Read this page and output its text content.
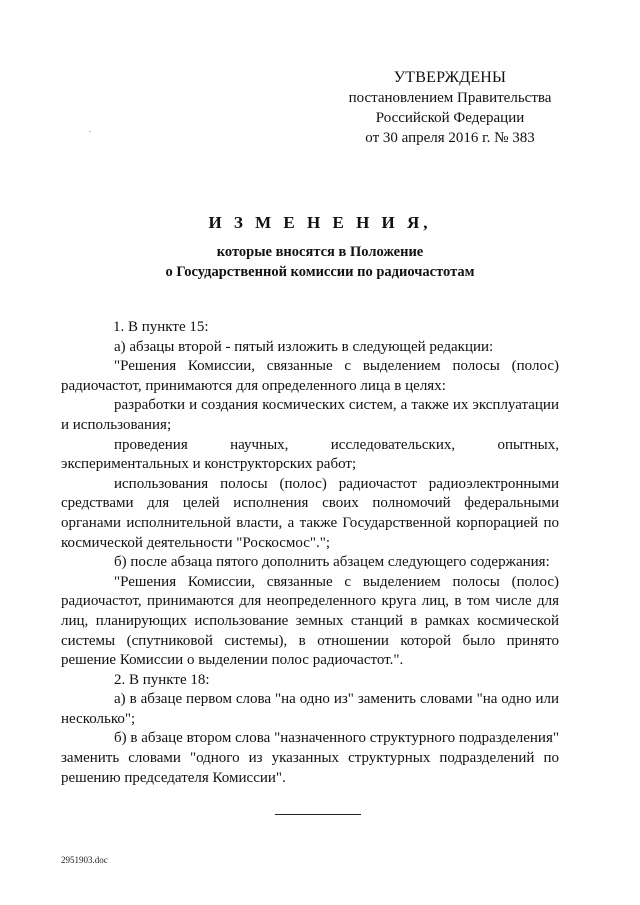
УТВЕРЖДЕНЫ
постановлением Правительства
Российской Федерации
от 30 апреля 2016 г. № 383
И З М Е Н Е Н И Я,
которые вносятся в Положение
о Государственной комиссии по радиочастотам

1. В пункте 15:

а) абзацы второй - пятый изложить в следующей редакции:

"Решения Комиссии, связанные с выделением полосы (полос) радиочастот, принимаются для определенного лица в целях:

разработки и создания космических систем, а также их эксплуатации и использования;

проведения научных, исследовательских, опытных, экспериментальных и конструкторских работ;

использования полосы (полос) радиочастот радиоэлектронными средствами для целей исполнения своих полномочий федеральными органами исполнительной власти, а также Государственной корпорацией по космической деятельности "Роскосмос".";

б) после абзаца пятого дополнить абзацем следующего содержания:

"Решения Комиссии, связанные с выделением полосы (полос) радиочастот, принимаются для неопределенного круга лиц, в том числе для лиц, планирующих использование земных станций в рамках космической системы (спутниковой системы), в отношении которой было принято решение Комиссии о выделении полос радиочастот.".

2. В пункте 18:

а) в абзаце первом слова "на одно из" заменить словами "на одно или несколько";

б) в абзаце втором слова "назначенного структурного подразделения" заменить словами "одного из указанных структурных подразделений по решению председателя Комиссии".

2951903.doc
